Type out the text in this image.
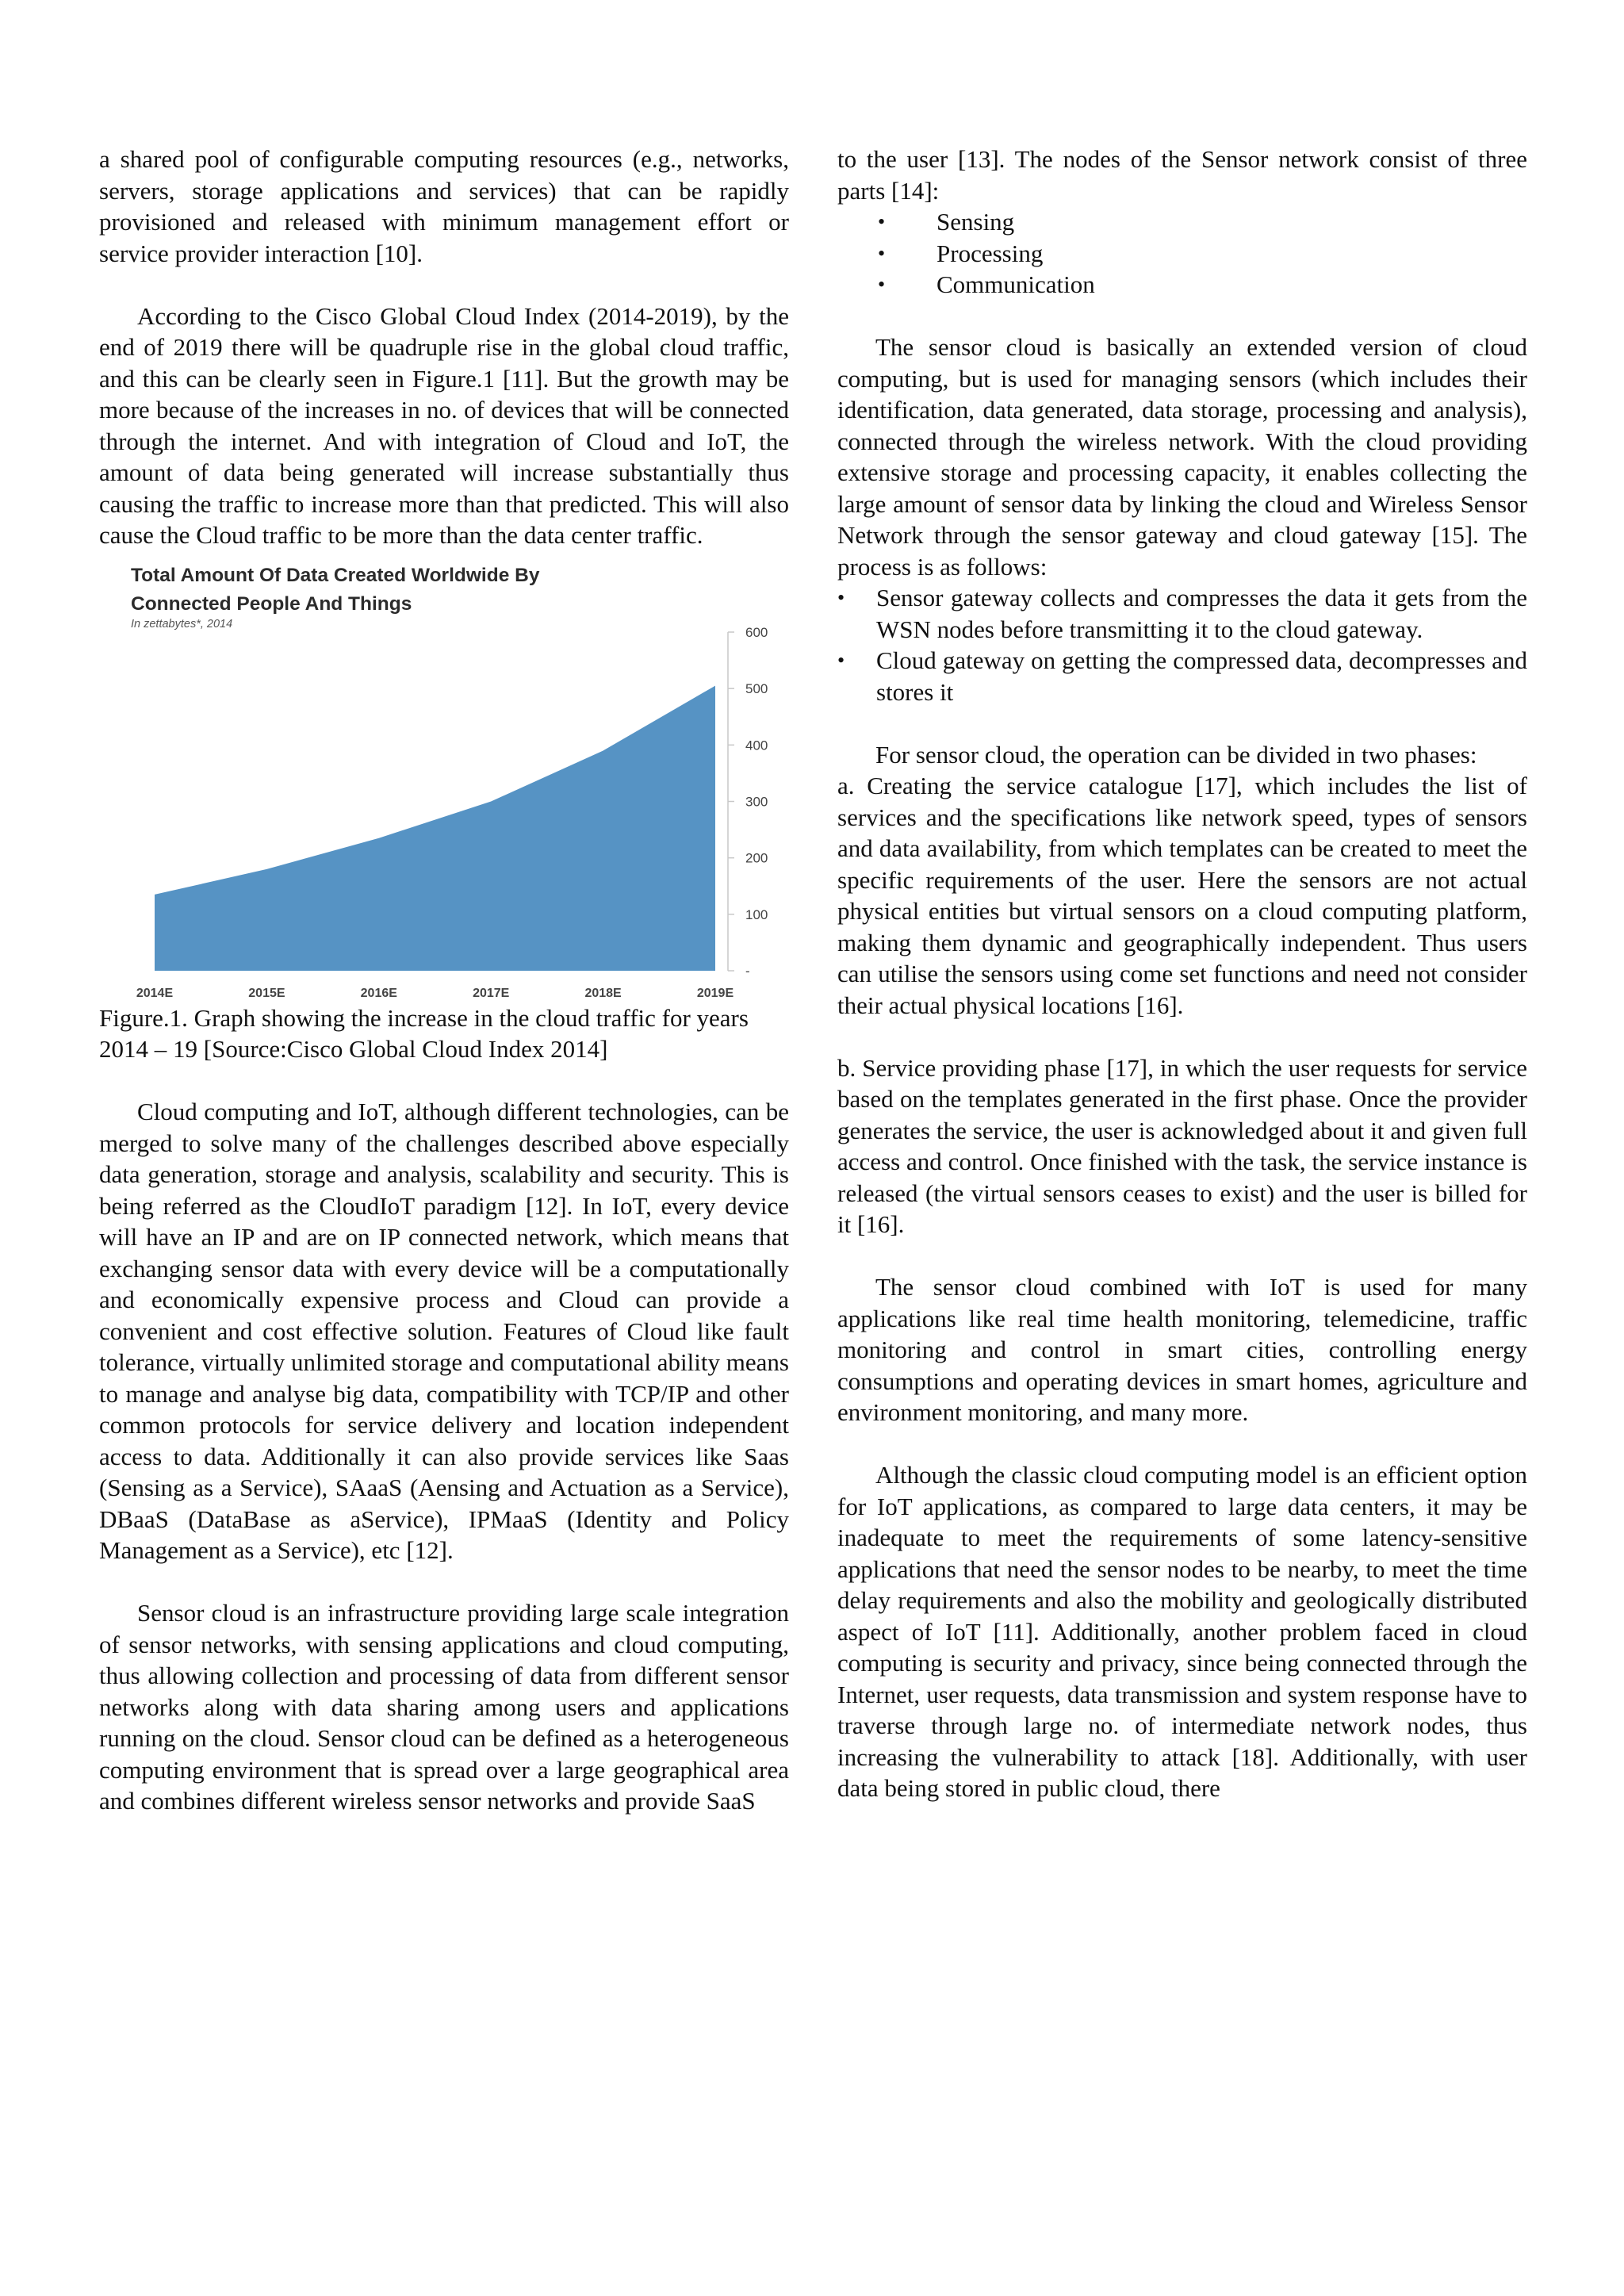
a shared pool of configurable computing resources (e.g., networks, servers, storage applications and services) that can be rapidly provisioned and released with minimum management effort or service provider interaction [10].

According to the Cisco Global Cloud Index (2014-2019), by the end of 2019 there will be quadruple rise in the global cloud traffic, and this can be clearly seen in Figure.1 [11]. But the growth may be more because of the increases in no. of devices that will be connected through the internet. And with integration of Cloud and IoT, the amount of data being generated will increase substantially thus causing the traffic to increase more than that predicted. This will also cause the Cloud traffic to be more than the data center traffic.

Total Amount Of Data Created Worldwide By
Connected People And Things
In zettabytes*, 2014
-
100
200
300
400
500
600
2014E	2015E	2016E	2017E	2018E	2019E

Figure.1. Graph showing the increase in the cloud traffic for years 2014 – 19 [Source:Cisco Global Cloud Index 2014]

Cloud computing and IoT, although different technologies, can be merged to solve many of the challenges described above especially data generation, storage and analysis, scalability and security. This is being referred as the CloudIoT paradigm [12]. In IoT, every device will have an IP and are on IP connected network, which means that exchanging sensor data with every device will be a computationally and economically expensive process and Cloud can provide a convenient and cost effective solution. Features of Cloud like fault tolerance, virtually unlimited storage and computational ability means to manage and analyse big data, compatibility with TCP/IP and other common protocols for service delivery and location independent access to data. Additionally it can also provide services like Saas (Sensing as a Service), SAaaS (Aensing and Actuation as a Service), DBaaS (DataBase as aService), IPMaaS (Identity and Policy Management as a Service), etc [12].

Sensor cloud is an infrastructure providing large scale integration of sensor networks, with sensing applications and cloud computing, thus allowing collection and processing of data from different sensor networks along with data sharing among users and applications running on the cloud. Sensor cloud can be defined as a heterogeneous computing environment that is spread over a large geographical area and combines different wireless sensor networks and provide SaaS

to the user [13]. The nodes of the Sensor network consist of three parts [14]:

• Sensing
• Processing
• Communication

The sensor cloud is basically an extended version of cloud computing, but is used for managing sensors (which includes their identification, data generated, data storage, processing and analysis), connected through the wireless network. With the cloud providing extensive storage and processing capacity, it enables collecting the large amount of sensor data by linking the cloud and Wireless Sensor Network through the sensor gateway and cloud gateway [15]. The process is as follows:

• Sensor gateway collects and compresses the data it gets from the WSN nodes before transmitting it to the cloud gateway.
• Cloud gateway on getting the compressed data, decompresses and stores it

For sensor cloud, the operation can be divided in two phases:

a. Creating the service catalogue [17], which includes the list of services and the specifications like network speed, types of sensors and data availability, from which templates can be created to meet the specific requirements of the user. Here the sensors are not actual physical entities but virtual sensors on a cloud computing platform, making them dynamic and geographically independent. Thus users can utilise the sensors using come set functions and need not consider their actual physical locations [16].

b. Service providing phase [17], in which the user requests for service based on the templates generated in the first phase. Once the provider generates the service, the user is acknowledged about it and given full access and control. Once finished with the task, the service instance is released (the virtual sensors ceases to exist) and the user is billed for it [16].

The sensor cloud combined with IoT is used for many applications like real time health monitoring, telemedicine, traffic monitoring and control in smart cities, controlling energy consumptions and operating devices in smart homes, agriculture and environment monitoring, and many more.

Although the classic cloud computing model is an efficient option for IoT applications, as compared to large data centers, it may be inadequate to meet the requirements of some latency-sensitive applications that need the sensor nodes to be nearby, to meet the time delay requirements and also the mobility and geologically distributed aspect of IoT [11]. Additionally, another problem faced in cloud computing is security and privacy, since being connected through the Internet, user requests, data transmission and system response have to traverse through large no. of intermediate network nodes, thus increasing the vulnerability to attack [18]. Additionally, with user data being stored in public cloud, there
